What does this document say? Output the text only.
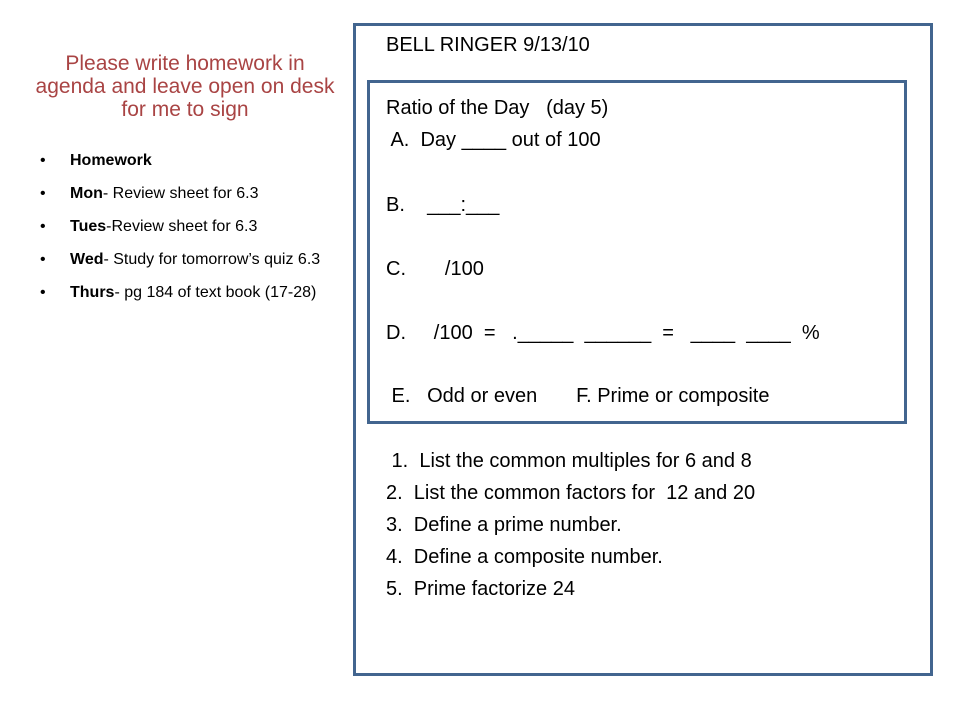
Please write homework in agenda and leave open on desk for me to sign
• Homework
• Mon- Review sheet for 6.3
• Tues-Review sheet for 6.3
• Wed- Study for tomorrow’s quiz 6.3
• Thurs- pg 184 of text book (17-28)
BELL RINGER 9/13/10
Ratio of the Day   (day 5)
A.  Day ____ out of 100
B.    ___:___
C.       /100
D.     /100  =   ._____  ______  =   ____  ____  %
E.   Odd or even       F. Prime or composite
1.  List the common multiples for 6 and 8
2.  List the common factors for  12 and 20
3.  Define a prime number.
4.  Define a composite number.
5.  Prime factorize 24
